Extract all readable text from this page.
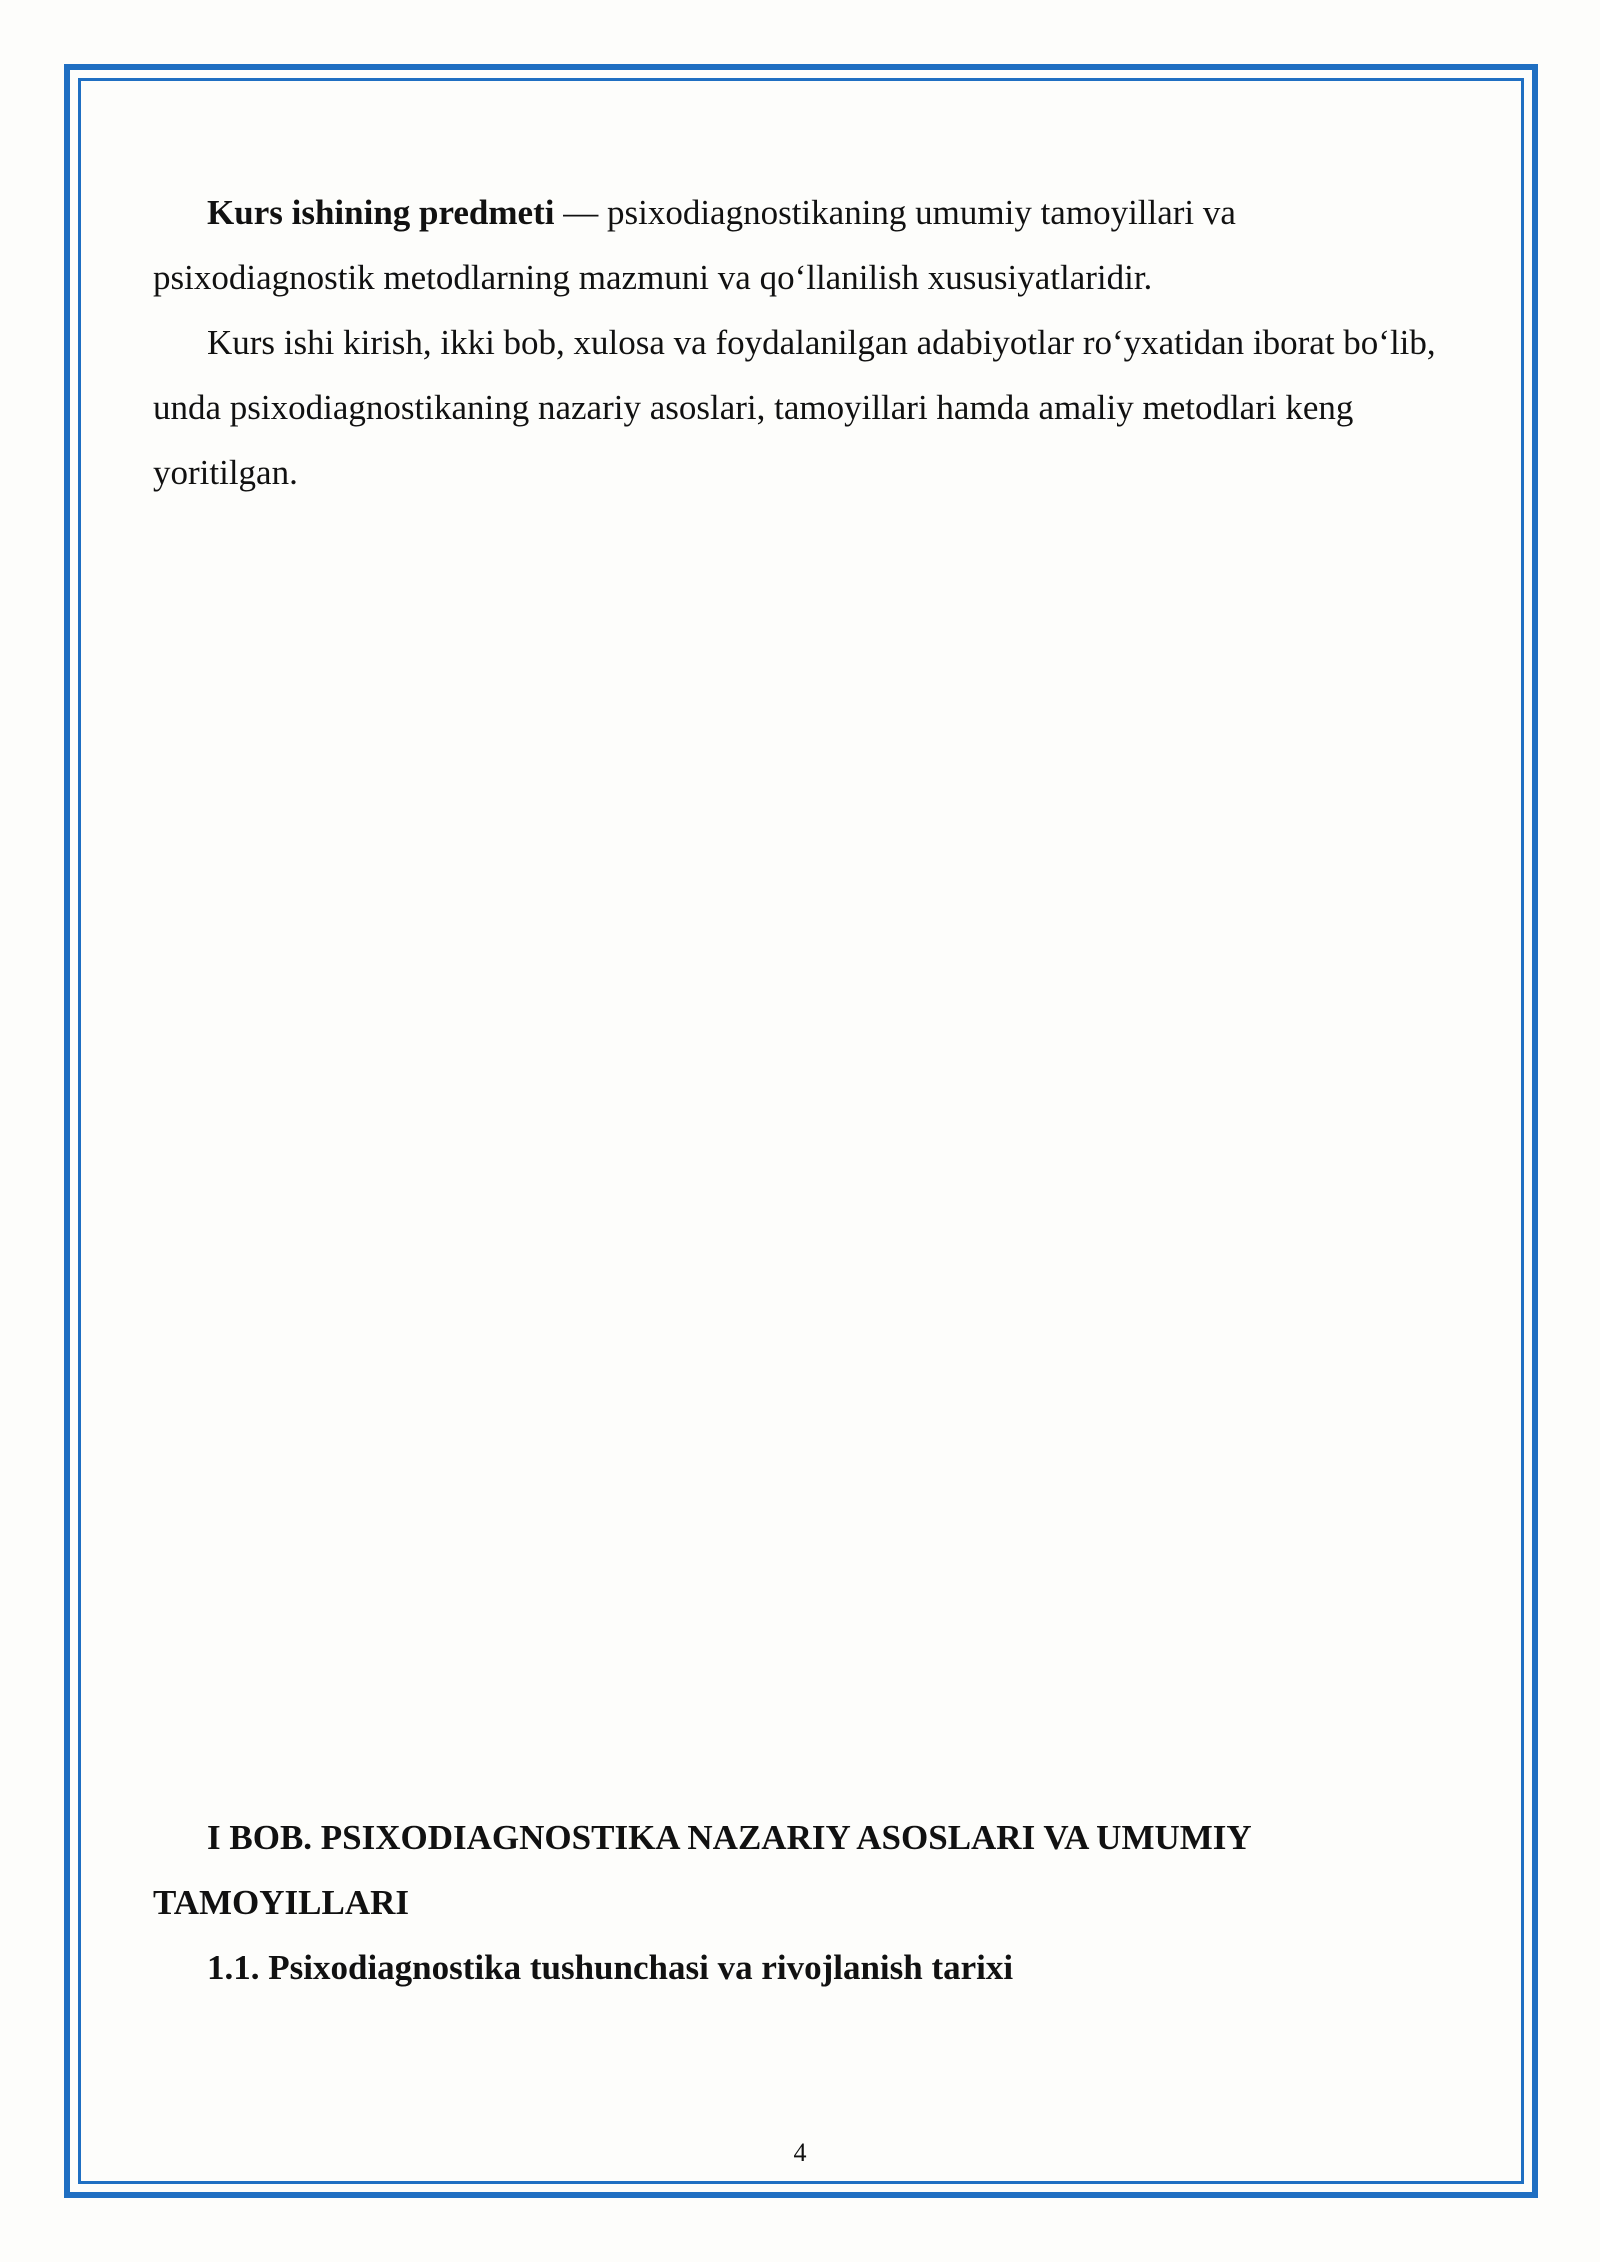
Kurs ishining predmeti — psixodiagnostikaning umumiy tamoyillari va psixodiagnostik metodlarning mazmuni va qo‘llanilish xususiyatlaridir.

Kurs ishi kirish, ikki bob, xulosa va foydalanilgan adabiyotlar ro‘yxatidan iborat bo‘lib, unda psixodiagnostikaning nazariy asoslari, tamoyillari hamda amaliy metodlari keng yoritilgan.

I BOB. PSIXODIAGNOSTIKA NAZARIY ASOSLARI VA UMUMIY TAMOYILLARI

1.1. Psixodiagnostika tushunchasi va rivojlanish tarixi

4
